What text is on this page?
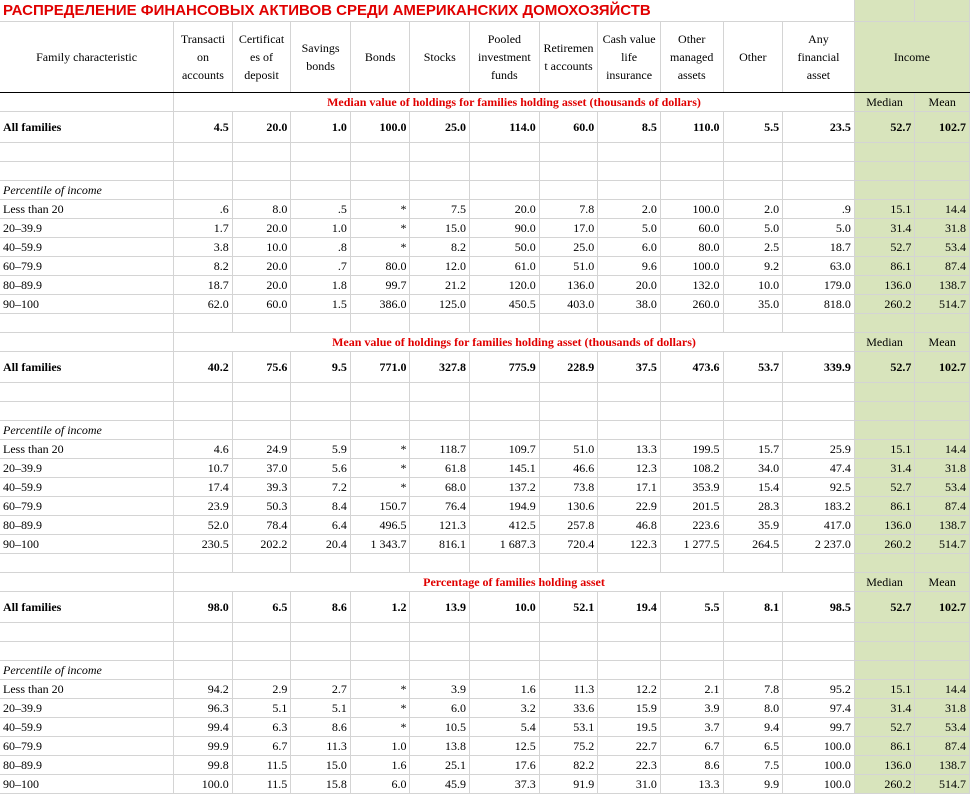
РАСПРЕДЕЛЕНИЕ ФИНАНСОВЫХ АКТИВОВ СРЕДИ АМЕРИКАНСКИХ ДОМОХОЗЯЙСТВ													
Family characteristic	Transacti on accounts	Certificat es of deposit	Savings bonds	Bonds	Stocks	Pooled investment funds	Retiremen t accounts	Cash value life insurance	Other managed assets	Other	Any financial asset	Income	
	Median value of holdings for families holding asset (thousands of dollars)											Median	Mean
All families	4.5	20.0	1.0	100.0	25.0	114.0	60.0	8.5	110.0	5.5	23.5	52.7	102.7

Percentile of income													
Less than 20	.6	8.0	.5	*	7.5	20.0	7.8	2.0	100.0	2.0	.9	15.1	14.4
20–39.9	1.7	20.0	1.0	*	15.0	90.0	17.0	5.0	60.0	5.0	5.0	31.4	31.8
40–59.9	3.8	10.0	.8	*	8.2	50.0	25.0	6.0	80.0	2.5	18.7	52.7	53.4
60–79.9	8.2	20.0	.7	80.0	12.0	61.0	51.0	9.6	100.0	9.2	63.0	86.1	87.4
80–89.9	18.7	20.0	1.8	99.7	21.2	120.0	136.0	20.0	132.0	10.0	179.0	136.0	138.7
90–100	62.0	60.0	1.5	386.0	125.0	450.5	403.0	38.0	260.0	35.0	818.0	260.2	514.7

	Mean value of holdings for families holding asset (thousands of dollars)											Median	Mean
All families	40.2	75.6	9.5	771.0	327.8	775.9	228.9	37.5	473.6	53.7	339.9	52.7	102.7

Percentile of income													
Less than 20	4.6	24.9	5.9	*	118.7	109.7	51.0	13.3	199.5	15.7	25.9	15.1	14.4
20–39.9	10.7	37.0	5.6	*	61.8	145.1	46.6	12.3	108.2	34.0	47.4	31.4	31.8
40–59.9	17.4	39.3	7.2	*	68.0	137.2	73.8	17.1	353.9	15.4	92.5	52.7	53.4
60–79.9	23.9	50.3	8.4	150.7	76.4	194.9	130.6	22.9	201.5	28.3	183.2	86.1	87.4
80–89.9	52.0	78.4	6.4	496.5	121.3	412.5	257.8	46.8	223.6	35.9	417.0	136.0	138.7
90–100	230.5	202.2	20.4	1 343.7	816.1	1 687.3	720.4	122.3	1 277.5	264.5	2 237.0	260.2	514.7

	Percentage of families holding asset											Median	Mean
All families	98.0	6.5	8.6	1.2	13.9	10.0	52.1	19.4	5.5	8.1	98.5	52.7	102.7

Percentile of income													
Less than 20	94.2	2.9	2.7	*	3.9	1.6	11.3	12.2	2.1	7.8	95.2	15.1	14.4
20–39.9	96.3	5.1	5.1	*	6.0	3.2	33.6	15.9	3.9	8.0	97.4	31.4	31.8
40–59.9	99.4	6.3	8.6	*	10.5	5.4	53.1	19.5	3.7	9.4	99.7	52.7	53.4
60–79.9	99.9	6.7	11.3	1.0	13.8	12.5	75.2	22.7	6.7	6.5	100.0	86.1	87.4
80–89.9	99.8	11.5	15.0	1.6	25.1	17.6	82.2	22.3	8.6	7.5	100.0	136.0	138.7
90–100	100.0	11.5	15.8	6.0	45.9	37.3	91.9	31.0	13.3	9.9	100.0	260.2	514.7
